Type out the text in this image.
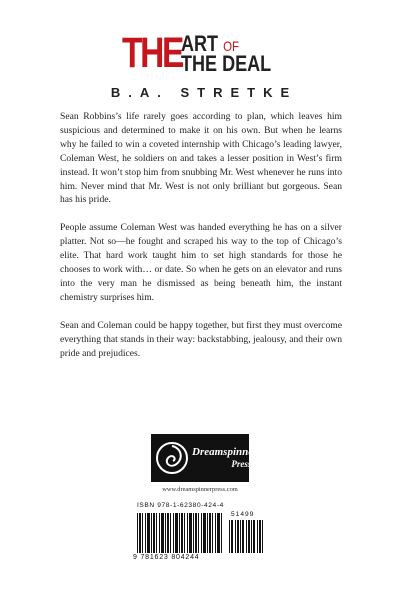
THE
ART OF
THE DEAL
B.A. STRETKE

Sean Robbins’s life rarely goes according to plan, which leaves him suspicious and determined to make it on his own. But when he learns why he failed to win a coveted internship with Chicago’s leading lawyer, Coleman West, he soldiers on and takes a lesser position in West’s firm instead. It won’t stop him from snubbing Mr. West whenever he runs into him. Never mind that Mr. West is not only brilliant but gorgeous. Sean has his pride.

People assume Coleman West was handed everything he has on a silver platter. Not so—he fought and scraped his way to the top of Chicago’s elite. That hard work taught him to set high standards for those he chooses to work with… or date. So when he gets on an elevator and runs into the very man he dismissed as being beneath him, the instant chemistry surprises him.

Sean and Coleman could be happy together, but first they must overcome everything that stands in their way: backstabbing, jealousy, and their own pride and prejudices.

Dreamspinner
Press
www.dreamspinnerpress.com
ISBN 978-1-62380-424-4
51499
9 781623 804244
